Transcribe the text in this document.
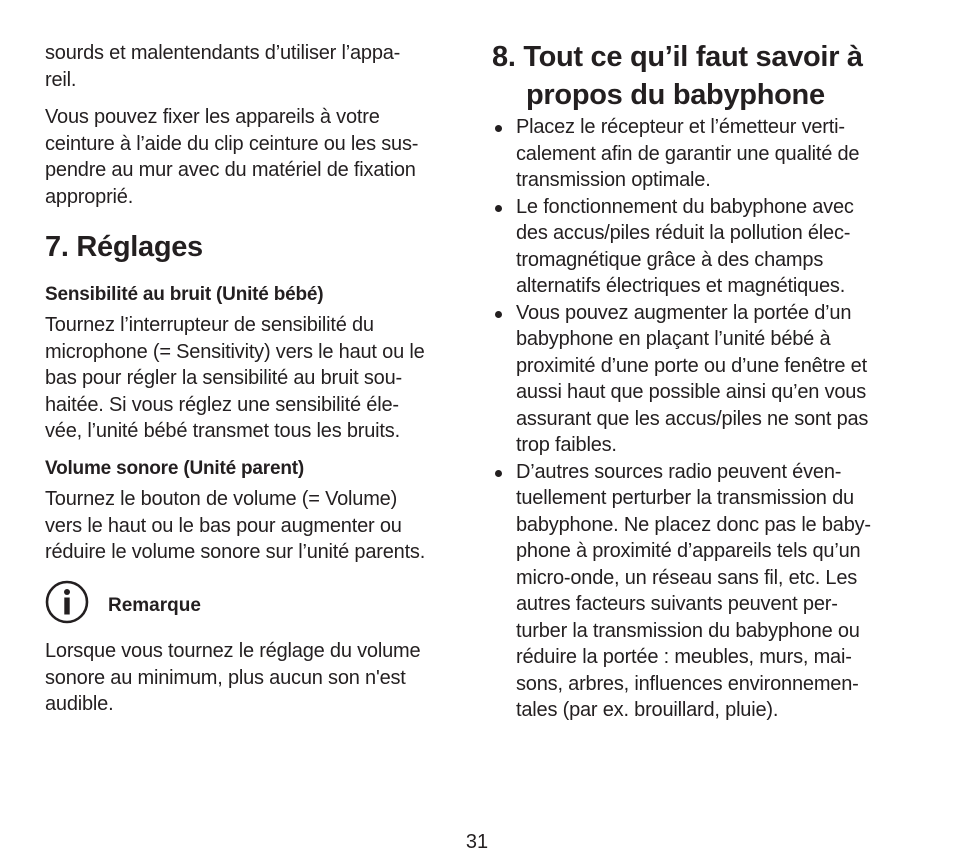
sourds et malentendants d’utiliser l’appa-
reil.
Vous pouvez fixer les appareils à votre
ceinture à l’aide du clip ceinture ou les sus-
pendre au mur avec du matériel de fixation
approprié.
7. Réglages
Sensibilité au bruit (Unité bébé)
Tournez l’interrupteur de sensibilité du
microphone (= Sensitivity) vers le haut ou le
bas pour régler la sensibilité au bruit sou-
haitée. Si vous réglez une sensibilité éle-
vée, l’unité bébé transmet tous les bruits.
Volume sonore (Unité parent)
Tournez le bouton de volume (= Volume)
vers le haut ou le bas pour augmenter ou
réduire le volume sonore sur l’unité parents.
Remarque
Lorsque vous tournez le réglage du volume
sonore au minimum, plus aucun son n'est
audible.
8. Tout ce qu’il faut savoir à
propos du babyphone
Placez le récepteur et l’émetteur verti-
calement afin de garantir une qualité de
transmission optimale.
Le fonctionnement du babyphone avec
des accus/piles réduit la pollution élec-
tromagnétique grâce à des champs
alternatifs électriques et magnétiques.
Vous pouvez augmenter la portée d’un
babyphone en plaçant l’unité bébé à
proximité d’une porte ou d’une fenêtre et
aussi haut que possible ainsi qu’en vous
assurant que les accus/piles ne sont pas
trop faibles.
D’autres sources radio peuvent éven-
tuellement perturber la transmission du
babyphone. Ne placez donc pas le baby-
phone à proximité d’appareils tels qu’un
micro-onde, un réseau sans fil, etc. Les
autres facteurs suivants peuvent per-
turber la transmission du babyphone ou
réduire la portée : meubles, murs, mai-
sons, arbres, influences environnemen-
tales (par ex. brouillard, pluie).
31
